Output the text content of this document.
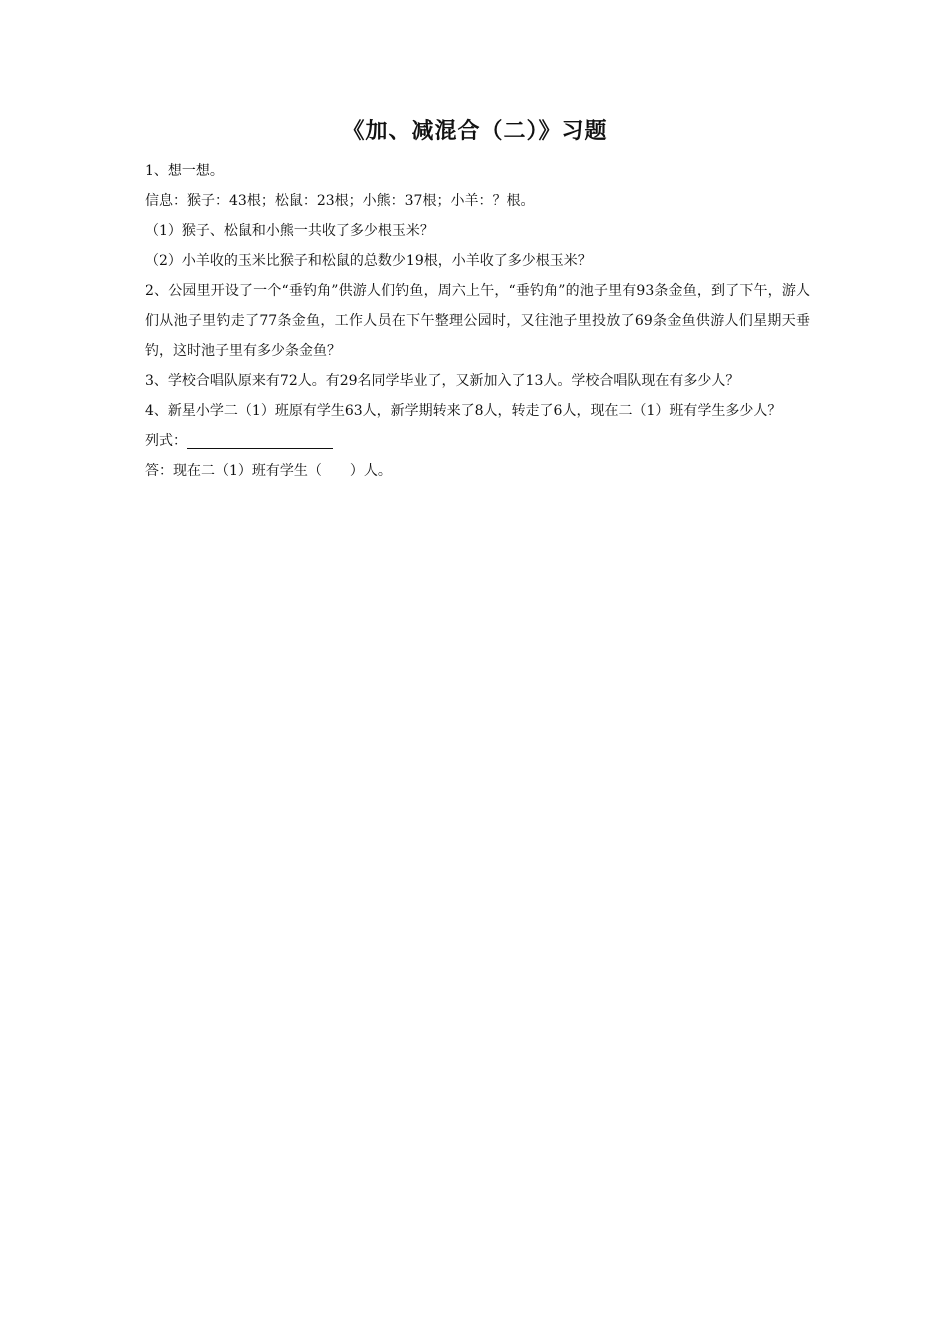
《加、减混合（二）》习题

1、想一想。

信息：猴子：43根；松鼠：23根；小熊：37根；小羊：？根。

（1）猴子、松鼠和小熊一共收了多少根玉米？

（2）小羊收的玉米比猴子和松鼠的总数少19根，小羊收了多少根玉米？

2、公园里开设了一个“垂钓角”供游人们钓鱼，周六上午，“垂钓角”的池子里有93条金鱼，到了下午，游人们从池子里钓走了77条金鱼，工作人员在下午整理公园时，又往池子里投放了69条金鱼供游人们星期天垂钓，这时池子里有多少条金鱼？

3、学校合唱队原来有72人。有29名同学毕业了，又新加入了13人。学校合唱队现在有多少人？

4、新星小学二（1）班原有学生63人，新学期转来了8人，转走了6人，现在二（1）班有学生多少人？

列式：

答：现在二（1）班有学生（ ）人。
